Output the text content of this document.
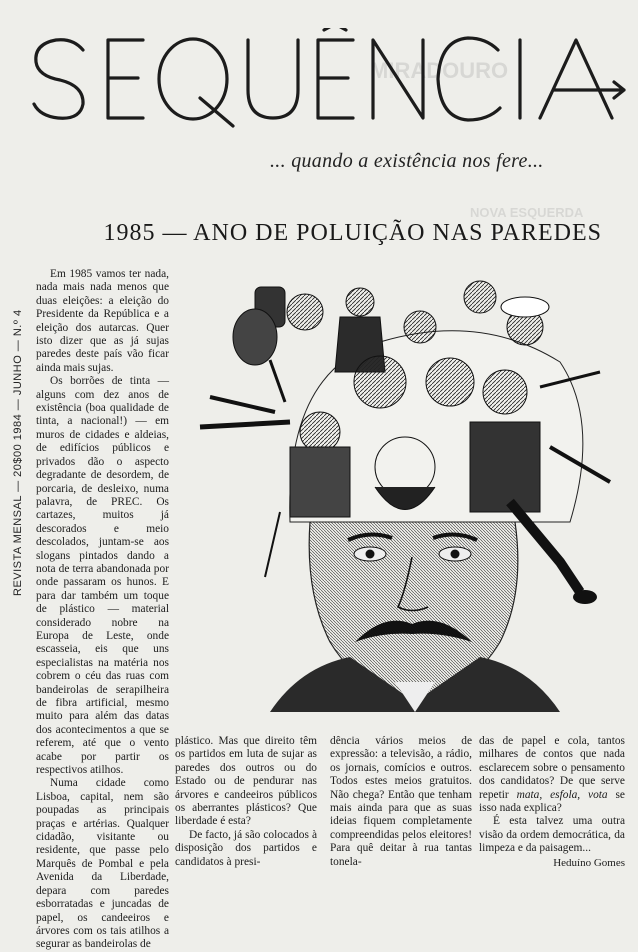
MIRADOURO
NOVA ESQUERDA
... quando a existência nos fere...
1985 — ANO DE POLUIÇÃO NAS PAREDES
REVISTA MENSAL — 20$00 1984 — JUNHO — N.º 4

Em 1985 vamos ter nada, nada mais nada menos que duas eleições: a eleição do Presidente da República e a eleição dos autarcas. Quer isto dizer que as já sujas paredes deste país vão ficar ainda mais sujas.

Os borrões de tinta — alguns com dez anos de existência (boa qualidade de tinta, a nacional!) — em muros de cidades e aldeias, de edifícios públicos e privados dão o aspecto degradante de desordem, de porcaria, de desleixo, numa palavra, de PREC. Os cartazes, muitos já descorados e meio descolados, juntam-se aos slogans pintados dando a nota de terra abandonada por onde passaram os hunos. E para dar também um toque de plástico — material considerado nobre na Europa de Leste, onde escasseia, eis que uns especialistas na matéria nos cobrem o céu das ruas com bandeirolas de serapilheira de fibra artificial, mesmo muito para além das datas dos acontecimentos a que se referem, até que o vento acabe por partir os respectivos atilhos.

Numa cidade como Lisboa, capital, nem são poupadas as principais praças e artérias. Qualquer cidadão, visitante ou residente, que passe pelo Marquês de Pombal e pela Avenida da Liberdade, depara com paredes esborratadas e juncadas de papel, os candeeiros e árvores com os tais atilhos a segurar as bandeirolas de

plástico. Mas que direito têm os partidos em luta de sujar as paredes dos outros ou do Estado ou de pendurar nas árvores e candeeiros públicos os aberrantes plásticos? Que liberdade é esta?

De facto, já são colocados à disposição dos partidos e candidatos à presi-

dência vários meios de expressão: a televisão, a rádio, os jornais, comícios e outros. Todos estes meios gratuitos. Não chega? Então que tenham mais ainda para que as suas ideias fiquem completamente compreendidas pelos eleitores! Para quê deitar à rua tantas tonela-

das de papel e cola, tantos milhares de contos que nada esclarecem sobre o pensamento dos candidatos? De que serve repetir mata, esfola, vota se isso nada explica?

É esta talvez uma outra visão da ordem democrática, da limpeza e da paisagem...

Heduíno Gomes
